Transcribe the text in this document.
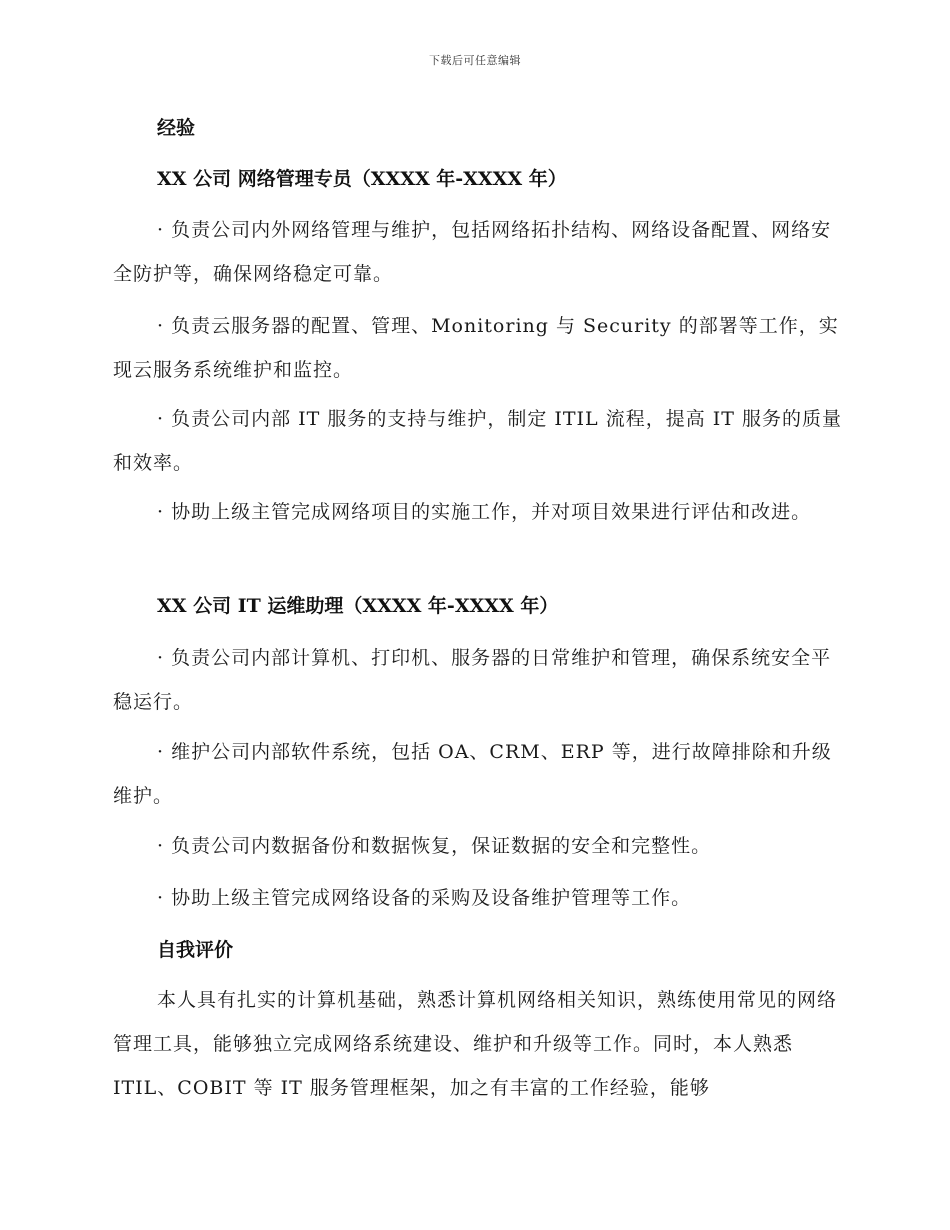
下载后可任意编辑
经验
XX 公司 网络管理专员（XXXX 年-XXXX 年）
· 负责公司内外网络管理与维护，包括网络拓扑结构、网络设备配置、网络安全防护等，确保网络稳定可靠。
· 负责云服务器的配置、管理、Monitoring 与 Security 的部署等工作，实现云服务系统维护和监控。
· 负责公司内部 IT 服务的支持与维护，制定 ITIL 流程，提高 IT 服务的质量和效率。
· 协助上级主管完成网络项目的实施工作，并对项目效果进行评估和改进。
XX 公司 IT 运维助理（XXXX 年-XXXX 年）
· 负责公司内部计算机、打印机、服务器的日常维护和管理，确保系统安全平稳运行。
· 维护公司内部软件系统，包括 OA、CRM、ERP 等，进行故障排除和升级维护。
· 负责公司内数据备份和数据恢复，保证数据的安全和完整性。
· 协助上级主管完成网络设备的采购及设备维护管理等工作。
自我评价
本人具有扎实的计算机基础，熟悉计算机网络相关知识，熟练使用常见的网络管理工具，能够独立完成网络系统建设、维护和升级等工作。同时，本人熟悉 ITIL、COBIT 等 IT 服务管理框架，加之有丰富的工作经验，能够
